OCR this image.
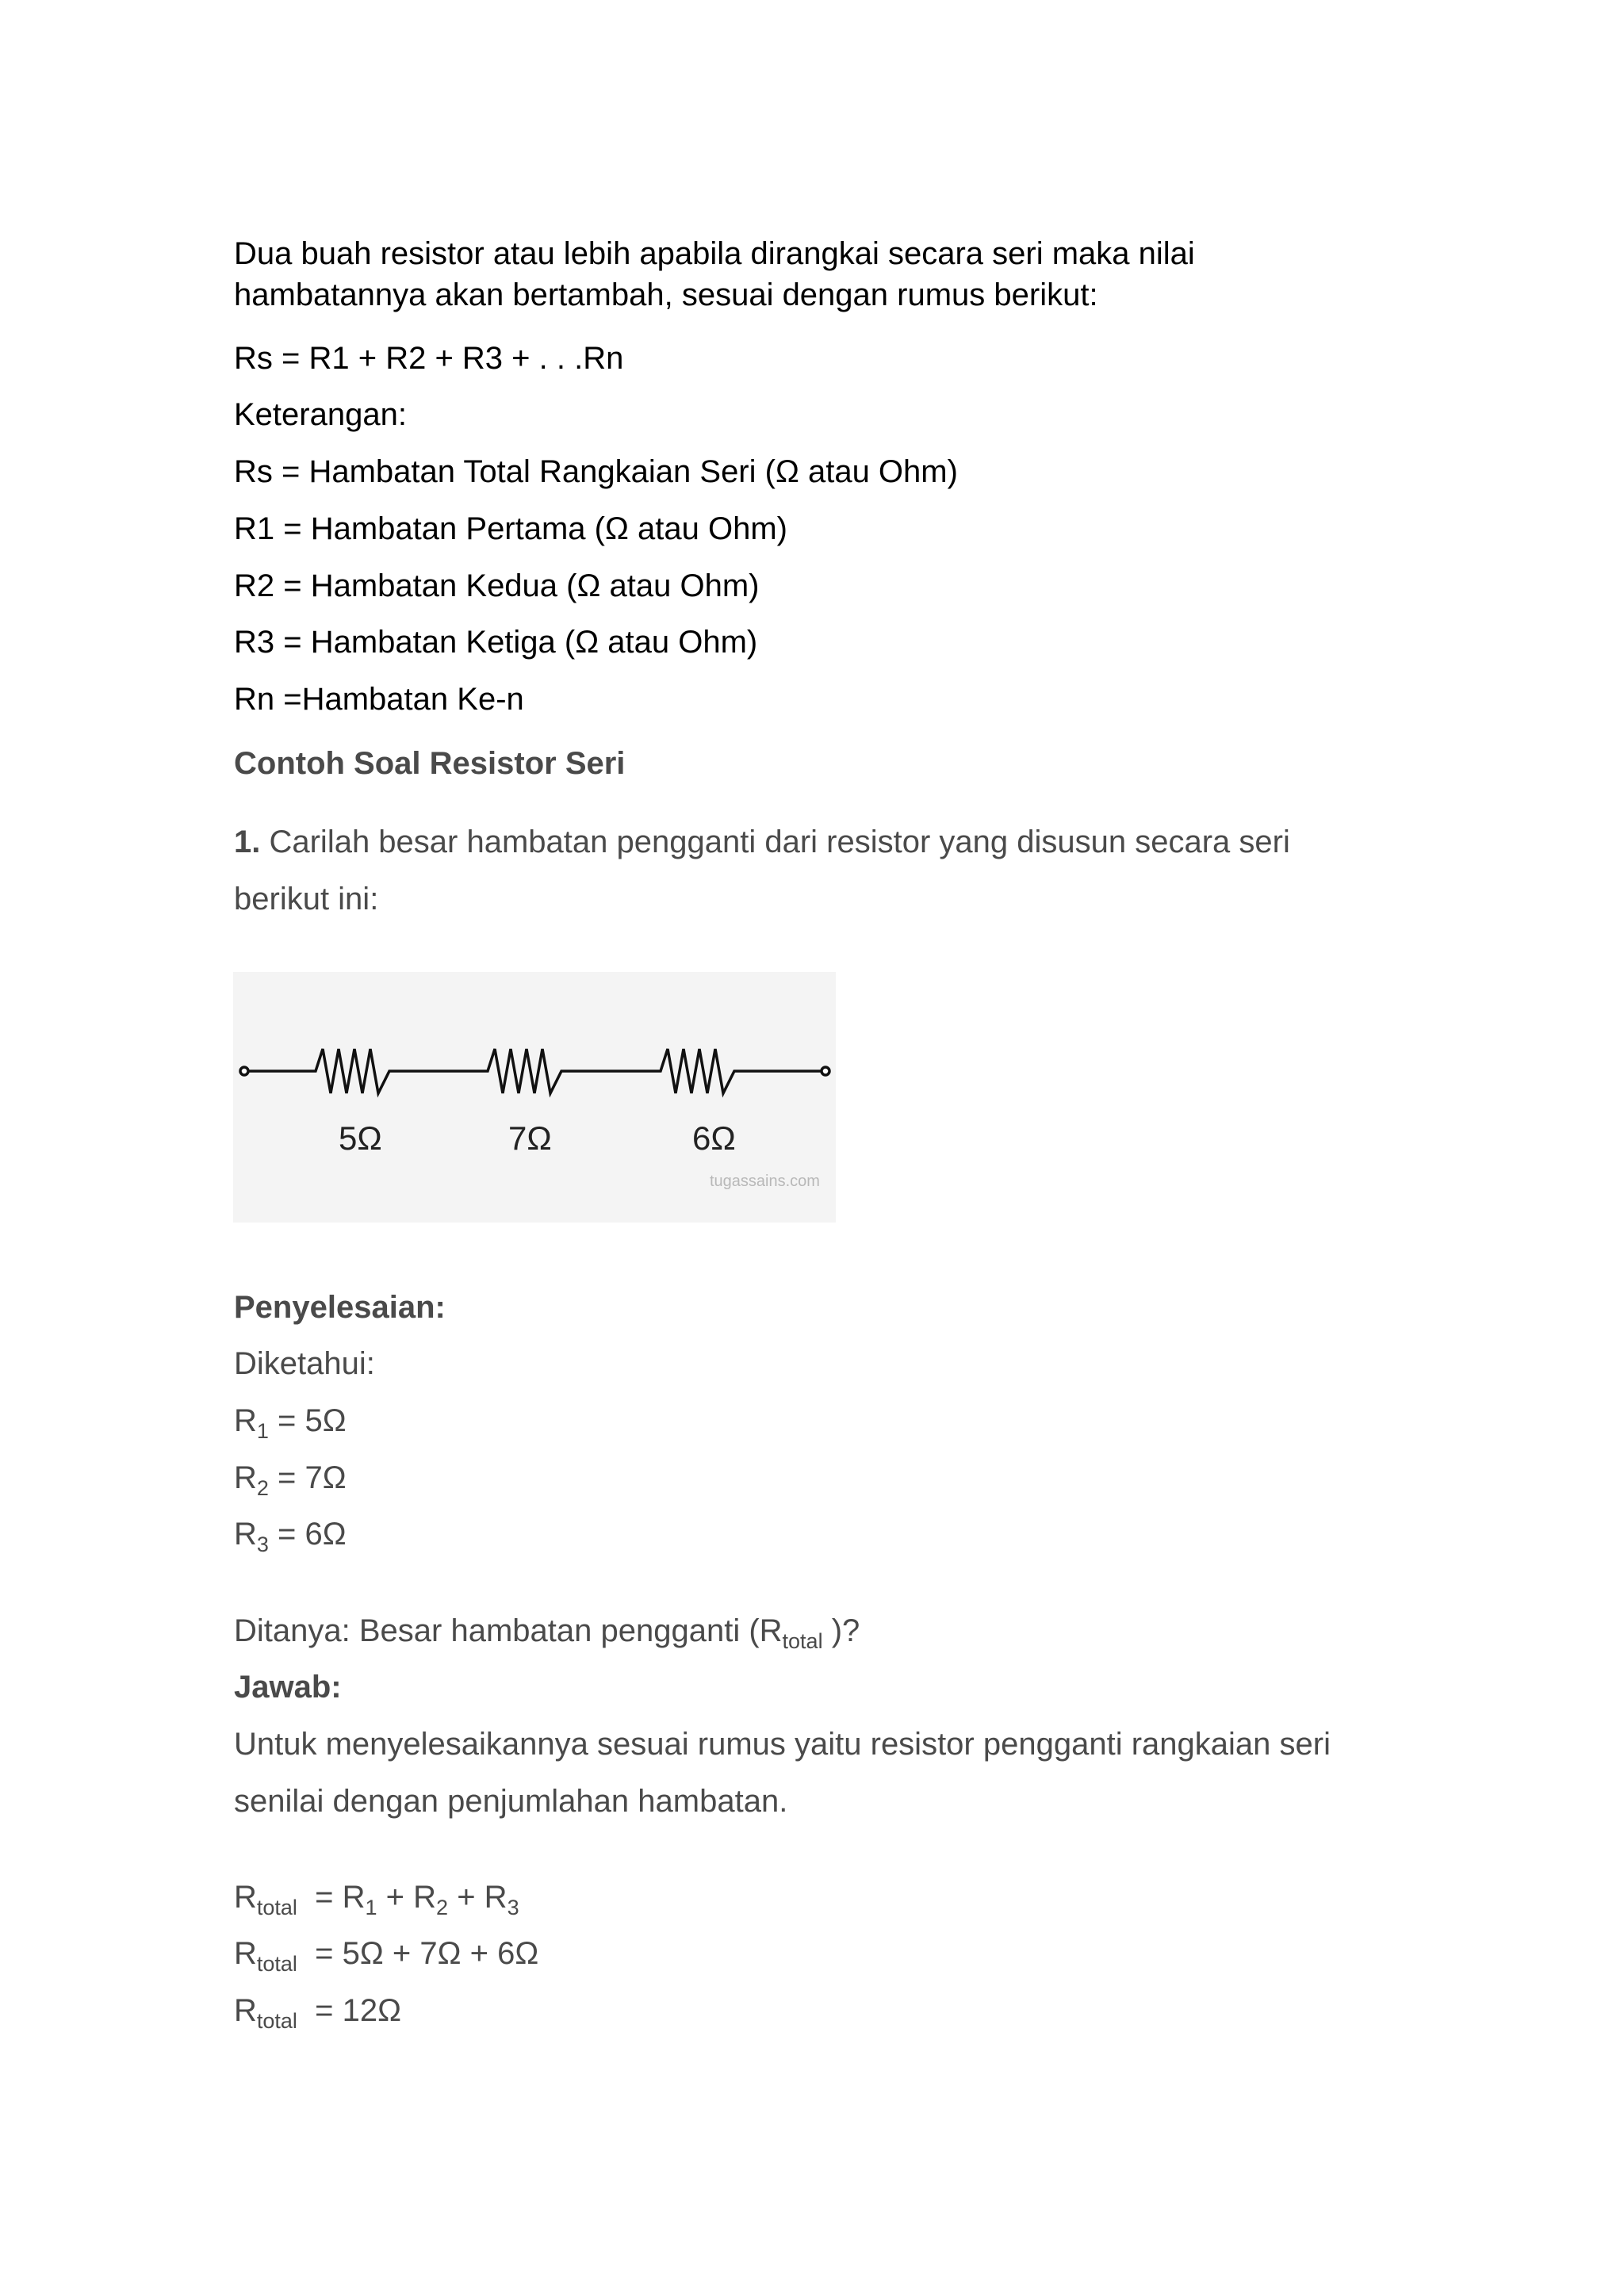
Dua buah resistor atau lebih apabila dirangkai secara seri maka nilai
hambatannya akan bertambah, sesuai dengan rumus berikut:
Rs = R1 + R2 + R3 + . . .Rn
Keterangan:
Rs = Hambatan Total Rangkaian Seri (Ω atau Ohm)
R1 = Hambatan Pertama (Ω atau Ohm)
R2 = Hambatan Kedua (Ω atau Ohm)
R3 = Hambatan Ketiga (Ω atau Ohm)
Rn =Hambatan Ke-n
Contoh Soal Resistor Seri
1. Carilah besar hambatan pengganti dari resistor yang disusun secara seri
berikut ini:
5Ω	7Ω	6Ω
tugassains.com
Penyelesaian:
Diketahui:
$R_1 = 5\Omega$
$R_2 = 7\Omega$
$R_3 = 6\Omega$
Ditanya: Besar hambatan pengganti ($R_{total}$ )?
Jawab:
Untuk menyelesaikannya sesuai rumus yaitu resistor pengganti rangkaian seri
senilai dengan penjumlahan hambatan.
$R_{total} = R_1 + R_2 + R_3$
$R_{total} = 5\Omega + 7\Omega + 6\Omega$
$R_{total} = 12\Omega$
